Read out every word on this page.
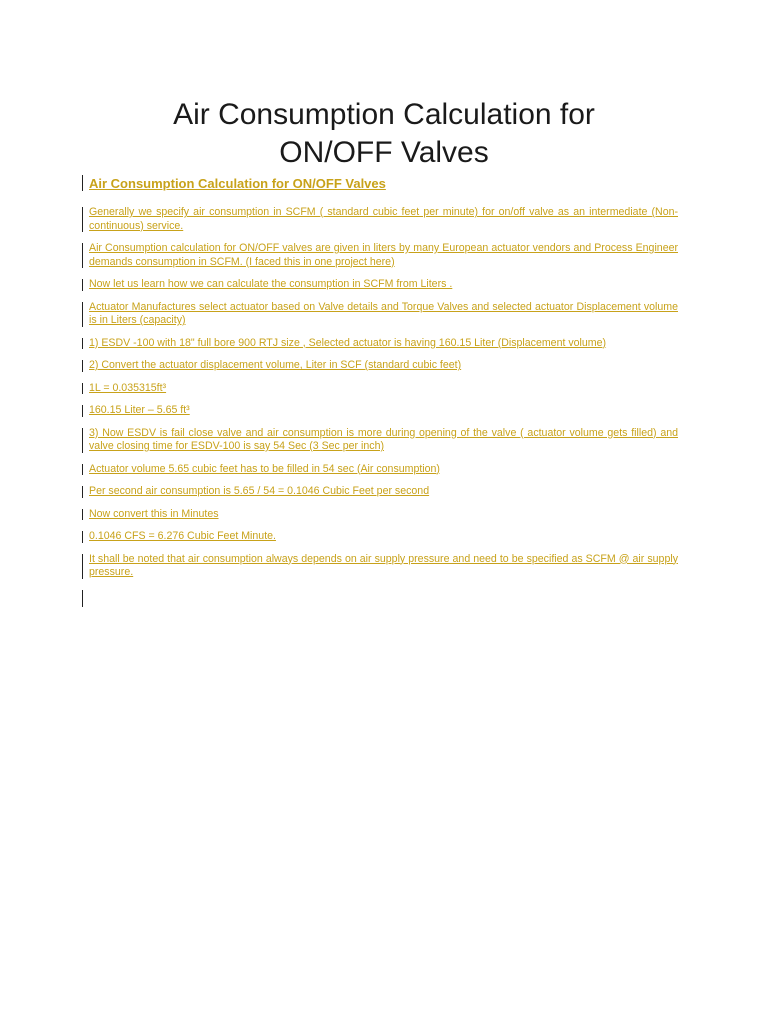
Air Consumption Calculation for
ON/OFF Valves
Air Consumption Calculation for ON/OFF Valves
Generally we specify air consumption in SCFM ( standard cubic feet per minute) for on/off valve as an intermediate (Non-continuous) service.
Air Consumption calculation for ON/OFF valves are given in liters by many European actuator vendors and Process Engineer demands consumption in SCFM. (I faced this in one project here)
Now let us learn how we can calculate the consumption in SCFM from Liters .
Actuator Manufactures select actuator based on Valve details and Torque Valves and selected actuator Displacement volume is in Liters (capacity)
1) ESDV -100 with 18" full bore 900 RTJ size , Selected actuator is having 160.15 Liter (Displacement volume)
2) Convert the actuator displacement volume, Liter in SCF (standard cubic feet)
1L = 0.035315ft³
160.15 Liter – 5.65 ft³
3) Now ESDV is fail close valve and air consumption is more during opening of the valve ( actuator volume gets filled) and valve closing time for ESDV-100 is say 54 Sec (3 Sec per inch)
Actuator volume 5.65 cubic feet has to be filled in 54 sec (Air consumption)
Per second air consumption is 5.65 / 54 = 0.1046 Cubic Feet per second
Now convert this in Minutes
0.1046 CFS = 6.276 Cubic Feet Minute.
It shall be noted that air consumption always depends on air supply pressure and need to be specified as SCFM @ air supply pressure.
